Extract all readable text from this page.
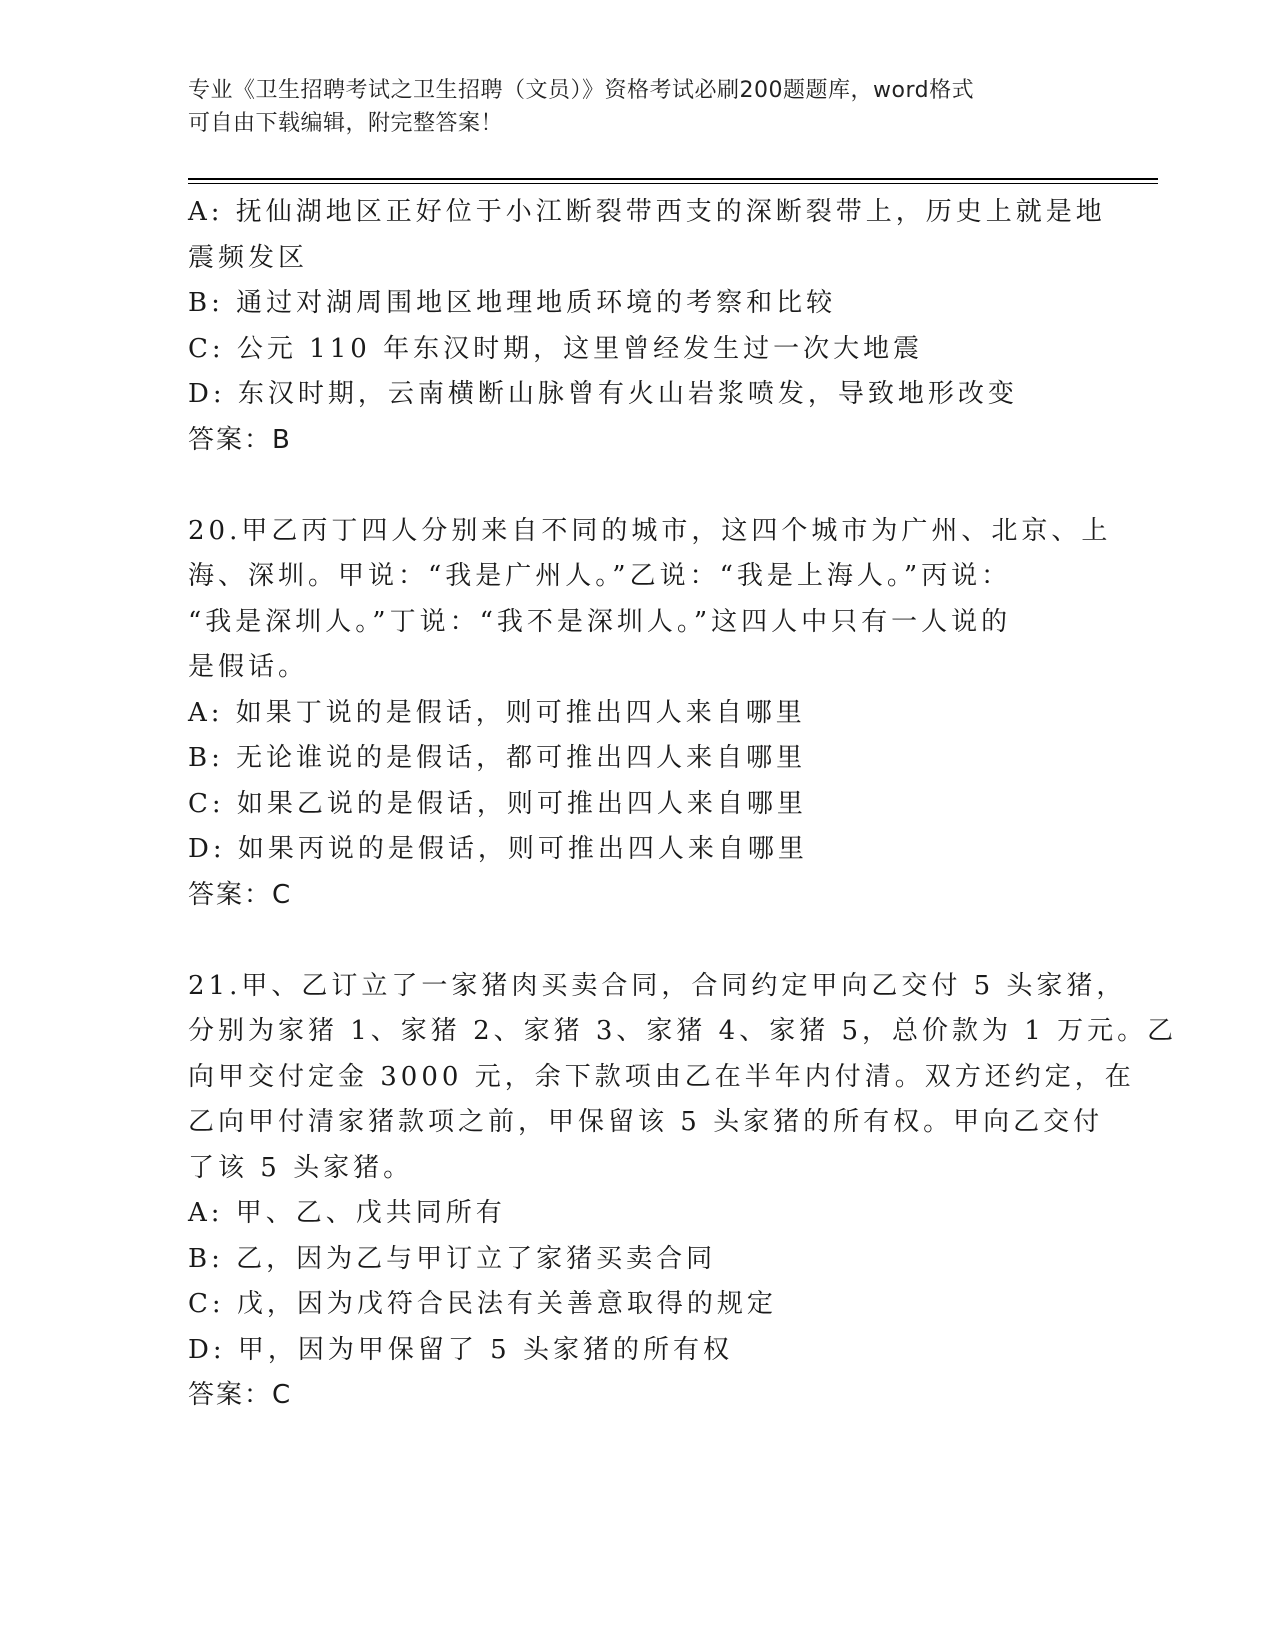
专业《卫生招聘考试之卫生招聘（文员）》资格考试必刷200题题库，word格式
可自由下载编辑，附完整答案！
A: 抚仙湖地区正好位于小江断裂带西支的深断裂带上，历史上就是地
震频发区
B: 通过对湖周围地区地理地质环境的考察和比较
C: 公元 110 年东汉时期，这里曾经发生过一次大地震
D: 东汉时期，云南横断山脉曾有火山岩浆喷发，导致地形改变
答案：B
20.甲乙丙丁四人分别来自不同的城市，这四个城市为广州、北京、上
海、深圳。甲说：“我是广州人。”乙说：“我是上海人。”丙说：
“我是深圳人。”丁说：“我不是深圳人。”这四人中只有一人说的
是假话。
A: 如果丁说的是假话，则可推出四人来自哪里
B: 无论谁说的是假话，都可推出四人来自哪里
C: 如果乙说的是假话，则可推出四人来自哪里
D: 如果丙说的是假话，则可推出四人来自哪里
答案：C
21.甲、乙订立了一家猪肉买卖合同，合同约定甲向乙交付 5 头家猪，
分别为家猪 1、家猪 2、家猪 3、家猪 4、家猪 5，总价款为 1 万元。乙
向甲交付定金 3000 元，余下款项由乙在半年内付清。双方还约定，在
乙向甲付清家猪款项之前，甲保留该 5 头家猪的所有权。甲向乙交付
了该 5 头家猪。
A: 甲、乙、戊共同所有
B: 乙，因为乙与甲订立了家猪买卖合同
C: 戊，因为戊符合民法有关善意取得的规定
D: 甲，因为甲保留了 5 头家猪的所有权
答案：C
